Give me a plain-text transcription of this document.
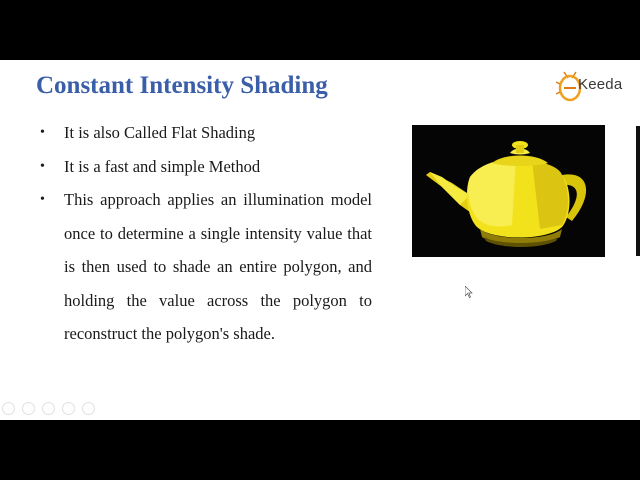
Constant Intensity Shading	Keeda
• It is also Called Flat Shading
• It is a fast and simple Method
• This approach applies an illumination model once to determine a single intensity value that is then used to shade an entire polygon, and holding the value across the polygon to reconstruct the polygon's shade.
